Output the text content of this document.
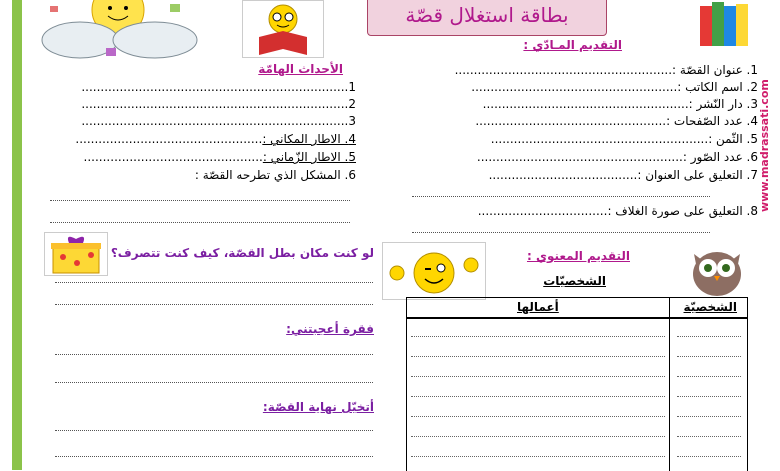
بطاقة استغلال قصّة
www.madrassati.com
التقديم المـادّي :
1. عنوان القصّة :.........................................................
2. اسم الكاتب :......................................................
3. دار النّشر :......................................................
4. عدد الصّفحات :..................................................
5. الثّمن :.........................................................
6. عدد الصّور :......................................................
7. التعليق على العنوان :.......................................
8. التعليق على صورة الغلاف :..................................
الأحداث الهامّة
1......................................................................
2......................................................................
3......................................................................
4. الاطار المكاني :.................................................
5. الاطار الزّماني :...............................................
6. المشكل الذي تطرحه القصّة :
لو كنت مكان بطل القصّة، كيف كنت تتصرف؟
فقرة أعجبتني:
أتخيّل نهاية القصّة:
التقديم المعنوي :
الشخصيّات
الشخصيّة
أعمالها
